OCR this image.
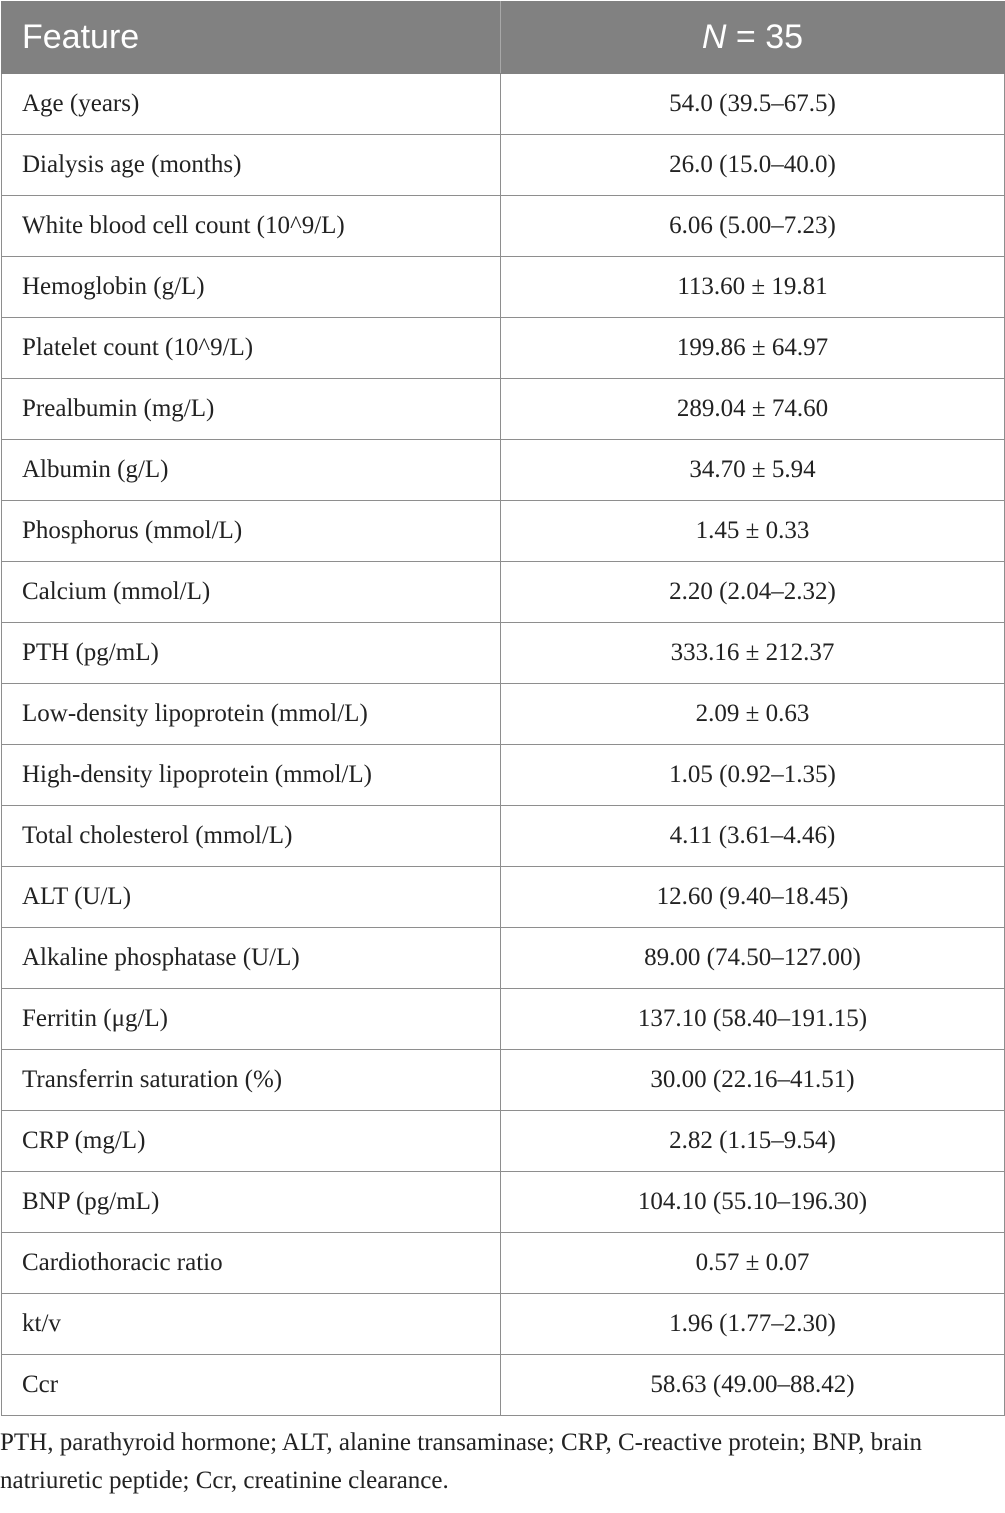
Feature	N = 35
Age (years)	54.0 (39.5–67.5)
Dialysis age (months)	26.0 (15.0–40.0)
White blood cell count (10^9/L)	6.06 (5.00–7.23)
Hemoglobin (g/L)	113.60 ± 19.81
Platelet count (10^9/L)	199.86 ± 64.97
Prealbumin (mg/L)	289.04 ± 74.60
Albumin (g/L)	34.70 ± 5.94
Phosphorus (mmol/L)	1.45 ± 0.33
Calcium (mmol/L)	2.20 (2.04–2.32)
PTH (pg/mL)	333.16 ± 212.37
Low-density lipoprotein (mmol/L)	2.09 ± 0.63
High-density lipoprotein (mmol/L)	1.05 (0.92–1.35)
Total cholesterol (mmol/L)	4.11 (3.61–4.46)
ALT (U/L)	12.60 (9.40–18.45)
Alkaline phosphatase (U/L)	89.00 (74.50–127.00)
Ferritin (μg/L)	137.10 (58.40–191.15)
Transferrin saturation (%)	30.00 (22.16–41.51)
CRP (mg/L)	2.82 (1.15–9.54)
BNP (pg/mL)	104.10 (55.10–196.30)
Cardiothoracic ratio	0.57 ± 0.07
kt/v	1.96 (1.77–2.30)
Ccr	58.63 (49.00–88.42)

PTH, parathyroid hormone; ALT, alanine transaminase; CRP, C-reactive protein; BNP, brain natriuretic peptide; Ccr, creatinine clearance.
